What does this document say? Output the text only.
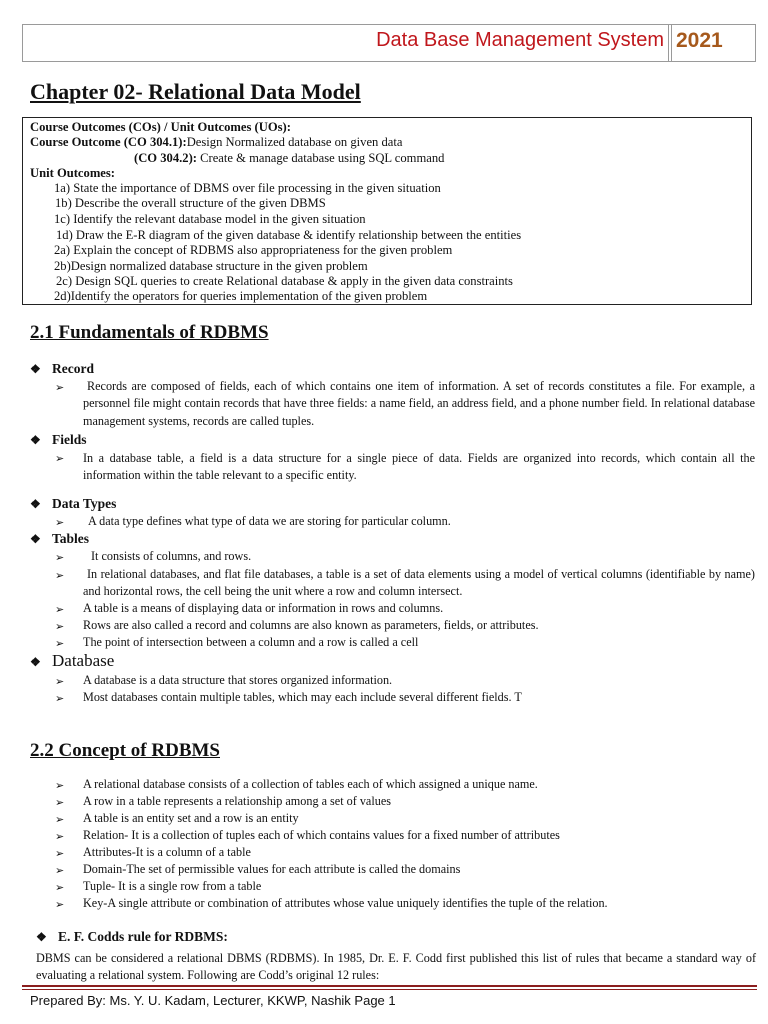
Data Base Management System 2021
Chapter 02- Relational Data Model
Course Outcomes (COs) / Unit Outcomes (UOs):
Course Outcome (CO 304.1):Design Normalized database on given data
(CO 304.2): Create & manage database using SQL command
Unit Outcomes:
1a) State the importance of DBMS over file processing in the given situation
1b) Describe the overall structure of the given DBMS
1c) Identify the relevant database model in the given situation
1d) Draw the E-R diagram of the given database & identify relationship between the entities
2a) Explain the concept of RDBMS also appropriateness for the given problem
2b)Design normalized database structure in the given problem
2c) Design SQL queries to create Relational database & apply in the given data constraints
2d)Identify the operators for queries implementation of the given problem
2.1 Fundamentals of RDBMS
❖ Record
➢	Records are composed of fields, each of which contains one item of information. A set of records constitutes a file. For example, a personnel file might contain records that have three fields: a name field, an address field, and a phone number field. In relational database management systems, records are called tuples.
❖ Fields
➢ In a database table, a field is a data structure for a single piece of data. Fields are organized into records, which contain all the information within the table relevant to a specific entity.
❖ Data Types
➢ A data type defines what type of data we are storing for particular column.
❖ Tables
➢ It consists of columns, and rows.
➢	In relational databases, and flat file databases, a table is a set of data elements using a model of vertical columns (identifiable by name) and horizontal rows, the cell being the unit where a row and column intersect.
➢ A table is a means of displaying data or information in rows and columns.
➢ Rows are also called a record and columns are also known as parameters, fields, or attributes.
➢ The point of intersection between a column and a row is called a cell
❖ Database
➢ A database is a data structure that stores organized information.
➢ Most databases contain multiple tables, which may each include several different fields. T
2.2 Concept of RDBMS
➢ A relational database consists of a collection of tables each of which assigned a unique name.
➢ A row in a table represents a relationship among a set of values
➢ A table is an entity set and a row is an entity
➢ Relation- It is a collection of tuples each of which contains values for a fixed number of attributes
➢ Attributes-It is a column of a table
➢ Domain-The set of permissible values for each attribute is called the domains
➢ Tuple- It is a single row from a table
➢ Key-A single attribute or combination of attributes whose value uniquely identifies the tuple of the relation.
❖ E. F. Codds rule for RDBMS:
DBMS can be considered a relational DBMS (RDBMS). In 1985, Dr. E. F. Codd first published this list of rules that became a standard way of evaluating a relational system. Following are Codd’s original 12 rules:
Prepared By: Ms. Y. U. Kadam, Lecturer, KKWP, Nashik Page 1
